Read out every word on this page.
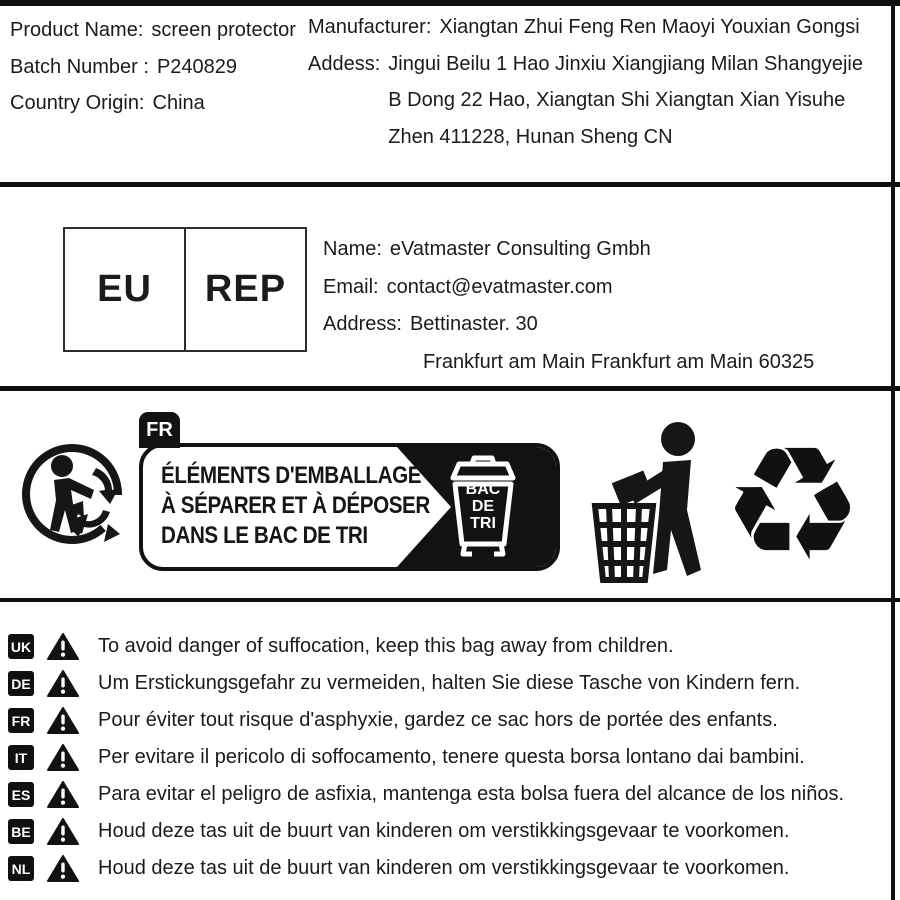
Product Name: screen protector
Batch Number : P240829
Country Origin: China
Manufacturer: Xiangtan Zhui Feng Ren Maoyi Youxian Gongsi
Addess: Jingui Beilu 1 Hao Jinxiu Xiangjiang Milan Shangyejie
B Dong 22 Hao, Xiangtan Shi Xiangtan Xian Yisuhe
Zhen 411228, Hunan Sheng CN
EU	REP
Name: eVatmaster Consulting Gmbh
Email: contact@evatmaster.com
Address: Bettinaster. 30
Frankfurt am Main Frankfurt am Main 60325
FR
ÉLÉMENTS D'EMBALLAGE
À SÉPARER ET À DÉPOSER
DANS LE BAC DE TRI
BAC
DE
TRI ♻
UK	To avoid danger of suffocation, keep this bag away from children.
DE	Um Erstickungsgefahr zu vermeiden, halten Sie diese Tasche von Kindern fern.
FR	Pour éviter tout risque d'asphyxie, gardez ce sac hors de portée des enfants.
IT	Per evitare il pericolo di soffocamento, tenere questa borsa lontano dai bambini.
ES	Para evitar el peligro de asfixia, mantenga esta bolsa fuera del alcance de los niños.
BE	Houd deze tas uit de buurt van kinderen om verstikkingsgevaar te voorkomen.
NL	Houd deze tas uit de buurt van kinderen om verstikkingsgevaar te voorkomen.
